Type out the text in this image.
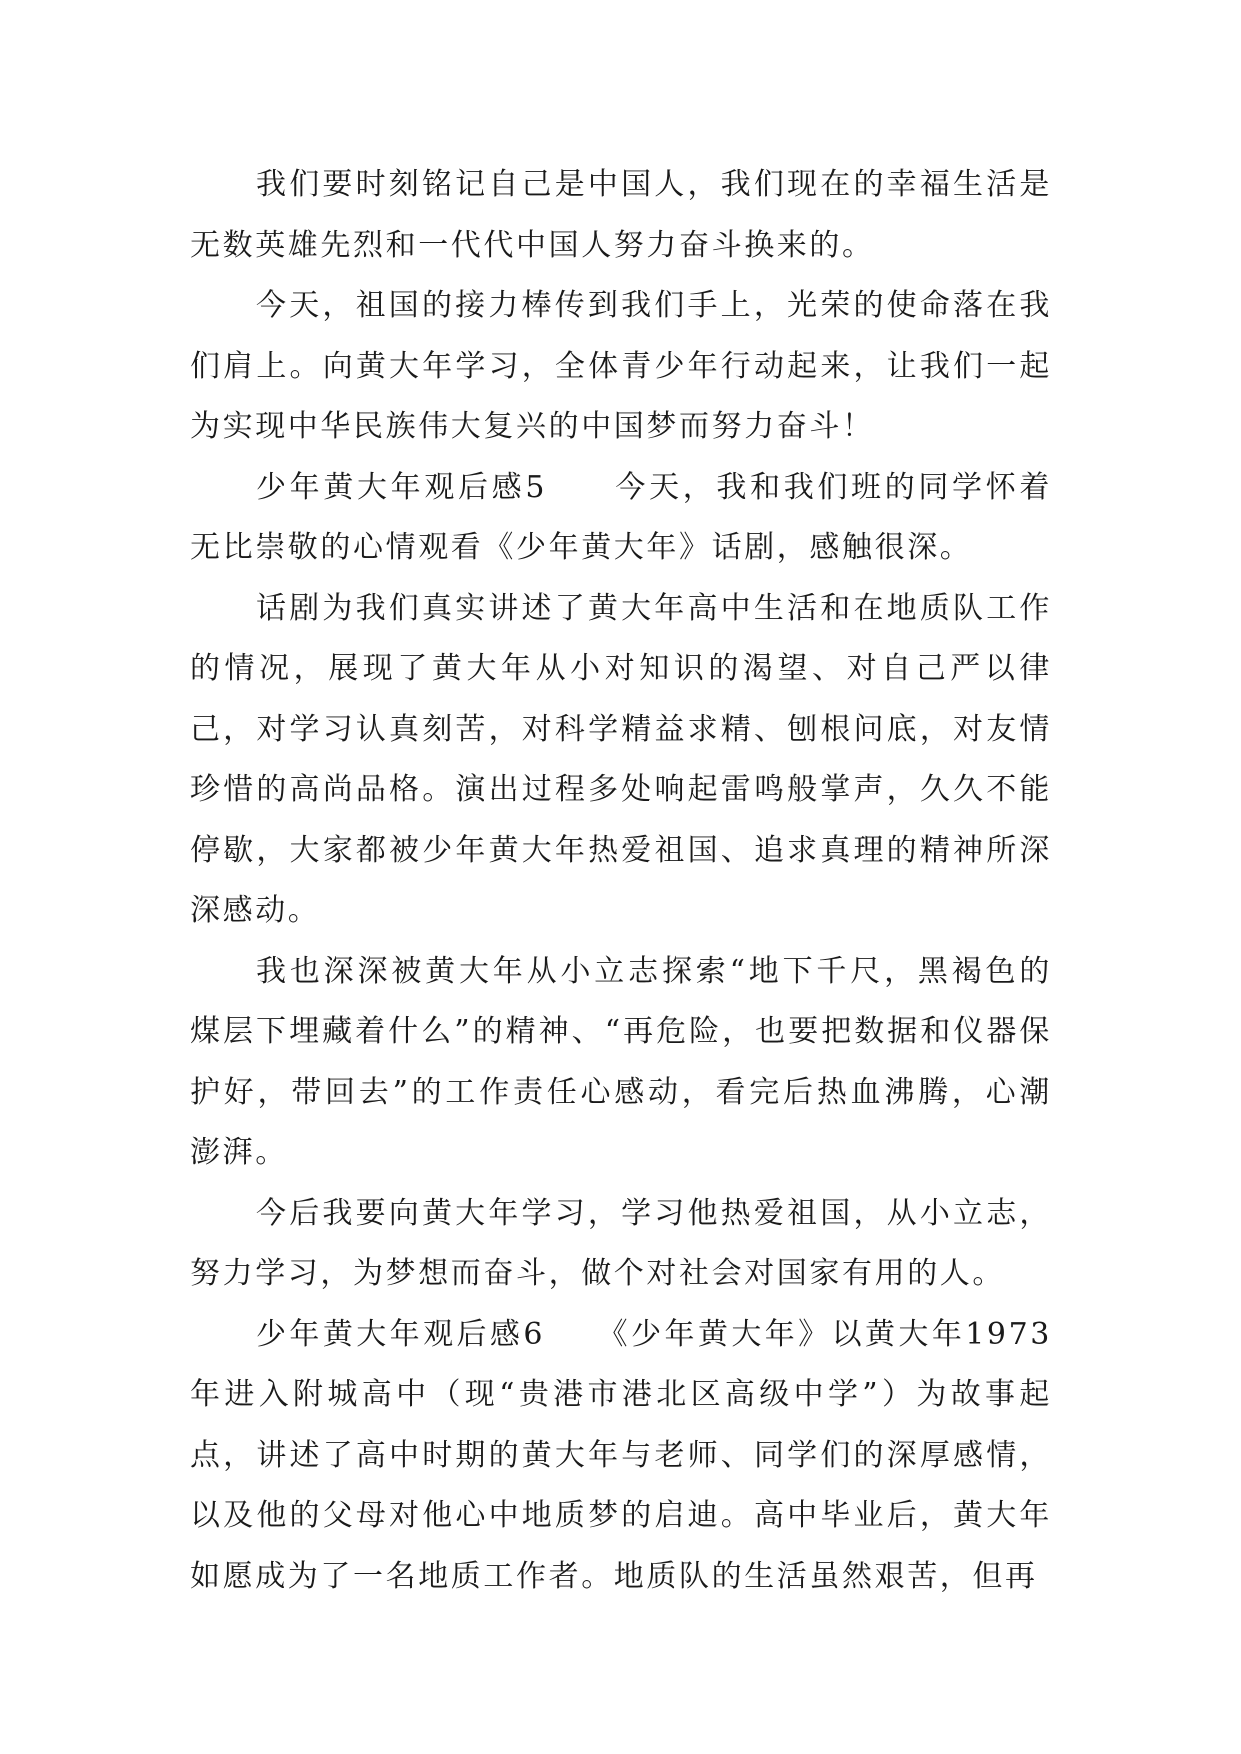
我们要时刻铭记自己是中国人，我们现在的幸福生活是无数英雄先烈和一代代中国人努力奋斗换来的。

今天，祖国的接力棒传到我们手上，光荣的使命落在我们肩上。向黄大年学习，全体青少年行动起来，让我们一起为实现中华民族伟大复兴的中国梦而努力奋斗！

少年黄大年观后感5　　今天，我和我们班的同学怀着无比崇敬的心情观看《少年黄大年》话剧，感触很深。

话剧为我们真实讲述了黄大年高中生活和在地质队工作的情况，展现了黄大年从小对知识的渴望、对自己严以律己，对学习认真刻苦，对科学精益求精、刨根问底，对友情珍惜的高尚品格。演出过程多处响起雷鸣般掌声，久久不能停歇，大家都被少年黄大年热爱祖国、追求真理的精神所深深感动。

我也深深被黄大年从小立志探索“地下千尺，黑褐色的煤层下埋藏着什么”的精神、“再危险，也要把数据和仪器保护好，带回去”的工作责任心感动，看完后热血沸腾，心潮澎湃。

今后我要向黄大年学习，学习他热爱祖国，从小立志，努力学习，为梦想而奋斗，做个对社会对国家有用的人。

少年黄大年观后感6　　《少年黄大年》以黄大年1973年进入附城高中（现“贵港市港北区高级中学”）为故事起点，讲述了高中时期的黄大年与老师、同学们的深厚感情，以及他的父母对他心中地质梦的启迪。高中毕业后，黄大年如愿成为了一名地质工作者。地质队的生活虽然艰苦，但再
